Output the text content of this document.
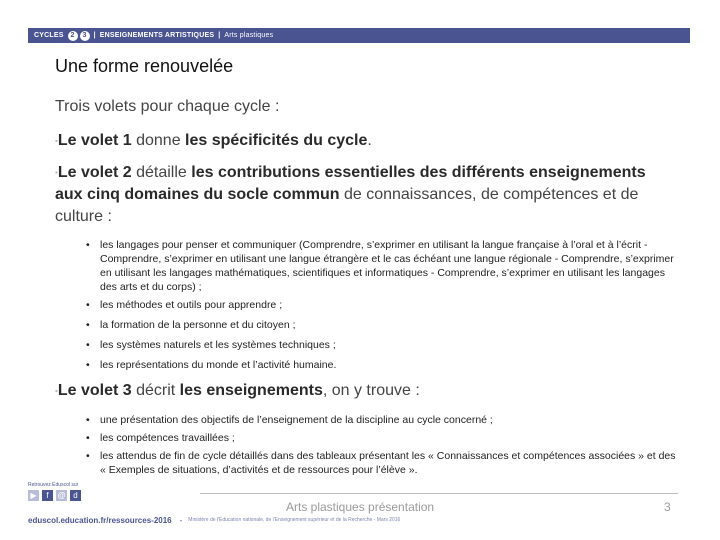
CYCLES 2	3 | ENSEIGNEMENTS ARTISTIQUES | Arts plastiques
Une forme renouvelée
Trois volets pour chaque cycle :
▪Le volet 1 donne les spécificités du cycle.
▪Le volet 2 détaille les contributions essentielles des différents enseignements aux cinq domaines du socle commun de connaissances, de compétences et de culture :
• les langages pour penser et communiquer (Comprendre, s’exprimer en utilisant la langue française à l’oral et à l’écrit - Comprendre, s’exprimer en utilisant une langue étrangère et le cas échéant une langue régionale - Comprendre, s’exprimer en utilisant les langages mathématiques, scientifiques et informatiques - Comprendre, s’exprimer en utilisant les langages des arts et du corps) ;
• les méthodes et outils pour apprendre ;
• la formation de la personne et du citoyen ;
• les systèmes naturels et les systèmes techniques ;
• les représentations du monde et l’activité humaine.
▪Le volet 3 décrit les enseignements, on y trouve :
• une présentation des objectifs de l’enseignement de la discipline au cycle concerné ;
• les compétences travaillées ;
• les attendus de fin de cycle détaillés dans des tableaux présentant les « Connaissances et compétences associées » et des « Exemples de situations, d’activités et de ressources pour l’élève ».
Retrouvez Éduscol sur
▶	f	@ d
Arts plastiques présentation	3
eduscol.education.fr/ressources-2016 - Ministère de l'Éducation nationale, de l'Enseignement supérieur et de la Recherche - Mars 2016
